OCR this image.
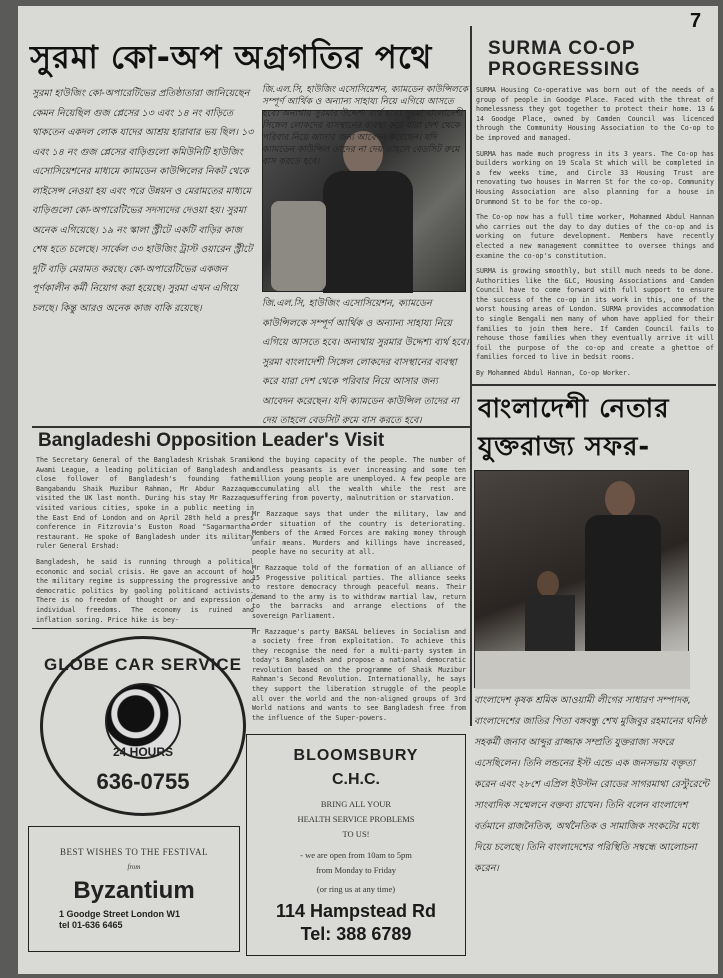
7
সুরমা কো-অপ অগ্রগতির পথে	SURMA CO-OP PROGRESSING
সুরমা হাউজিং কো-অপারেটিভের প্রতিষ্ঠাতারা জানিয়েছেন কেমন নিয়েছিল গুজ প্লেসের ১৩ এবং ১৪ নং বাড়িতে থাকতেন একদল লোক যাদের আশ্রয় হারাবার ভয় ছিল। ১৩ এবং ১৪ নং গুজ প্লেসের বাড়িগুলো কমিউনিটি হাউজিং এসোসিয়েশনের মাধ্যমে ক্যামডেন কাউন্সিলের নিকট থেকে লাইসেন্স নেওয়া হয় এবং পরে উন্নয়ন ও মেরামতের মাধ্যমে বাড়িগুলো কো-অপারেটিভের সদস্যদের দেওয়া হয়। সুরমা অনেক এগিয়েছে। ১৯ নং স্কালা স্ট্রীটে একটি বাড়ির কাজ শেষ হতে চলেছে। সার্কেল ৩৩ হাউজিং ট্রাস্ট ওয়ারেন স্ট্রীটে দুটি বাড়ি মেরামত করছে। কো-অপারেটিভের একজন পূর্ণকালীন কর্মী নিয়োগ করা হয়েছে। সুরমা এখন এগিয়ে চলছে। কিন্তু আরও অনেক কাজ বাকি রয়েছে।
জি.এল.সি, হাউজিং এসোসিয়েশন, ক্যামডেন কাউন্সিলকে সম্পূর্ণ আর্থিক ও অন্যান্য সাহায্য নিয়ে এগিয়ে আসতে হবে। অন্যথায় সুরমার উদ্দেশ্য ব্যর্থ হবে। সুরমা বাংলাদেশী সিঙ্গেল লোকদের বাসস্থানের ব্যবস্থা করে যারা দেশ থেকে পরিবার নিয়ে আসার জন্য আবেদন করেছেন। যদি ক্যামডেন কাউন্সিল তাদের না দেয় তাহলে বেডসিট রুমে বাস করতে হবে।
জি.এল.সি, হাউজিং এসোসিয়েশন, ক্যামডেন কাউন্সিলকে সম্পূর্ণ আর্থিক ও অন্যান্য সাহায্য নিয়ে এগিয়ে আসতে হবে। অন্যথায় সুরমার উদ্দেশ্য ব্যর্থ হবে। সুরমা বাংলাদেশী সিঙ্গেল লোকদের বাসস্থানের ব্যবস্থা করে যারা দেশ থেকে পরিবার নিয়ে আসার জন্য আবেদন করেছেন। যদি ক্যামডেন কাউন্সিল তাদের না দেয় তাহলে বেডসিট রুমে বাস করতে হবে।

SURMA Housing Co-operative was born out of the needs of a group of people in Goodge Place. Faced with the threat of homelessness they got together to protect their home. 13 & 14 Goodge Place, owned by Camden Council was licenced through the Community Housing Association to the Co-op to be improved and managed.

SURMA has made much progress in its 3 years. The Co-op has builders working on 19 Scala St which will be completed in a few weeks time, and Circle 33 Housing Trust are renovating two houses in Warren St for the co-op. Community Housing Association are also planning for a house in Drummond St to be for the co-op.

The Co-op now has a full time worker, Mohammed Abdul Hannan who carries out the day to day duties of the co-op and is working on future development. Members have recently elected a new management committee to oversee things and examine the co-op's constitution.

SURMA is growing smoothly, but still much needs to be done. Authorities like the GLC, Housing Associations and Camden Council have to come forward with full support to ensure the success of the co-op in its work in this, one of the worst housing areas of London. SURMA provides accommodation to single Bengali men many of whom have applied for their families to join them here. If Camden Council fails to rehouse those families when they eventually arrive it will foil the purpose of the co-op and create a ghettoe of families forced to live in bedsit rooms.

By Mohammed Abdul Hannan, Co-op Worker.

বাংলাদেশী নেতার
যুক্তরাজ্য সফর-
Bangladeshi Opposition Leader's Visit

The Secretary General of the Bangladesh Krishak Sramik Awami League, a leading politician of Bangladesh and close follower of Bangladesh's founding father Bangabandu Shaik Muzibur Rahman, Mr Abdur Razzaque visited the UK last month. During his stay Mr Razzaque visited various cities, spoke in a public meeting in the East End of London and on April 28th held a press conference in Fitzrovia's Euston Road "Sagarmartha" restaurant. He spoke of Bangladesh under its military ruler General Ershad:

Bangladesh, he said is running through a political economic and social crisis. He gave an account of how the military regime is suppressing the progressive and democratic politics by gaoling politicand activists. There is no freedom of thought or and expression or individual freedoms. The economy is ruined and inflation soring. Price hike is bey-

ond the buying capacity of the people. The number of landless peasants is ever increasing and some ten million young people are unemployed. A few people are accumulating all the wealth while the rest are suffering from poverty, malnutrition or starvation.

Mr Razzaque says that under the military, law and order situation of the country is deteriorating. Members of the Armed Forces are making money through unfair means. Murders and killings have increased, people have no security at all.

Mr Razzaque told of the formation of an alliance of 15 Progessive political parties. The alliance seeks to restore democracy through peaceful means. Their demand to the army is to withdraw martial law, return to the barracks and arrange elections of the sovereign Parliament.

Mr Razzaque's party BAKSAL believes in Socialism and a society free from exploitation. To achieve this they recognise the need for a multi-party system in today's Bangladesh and propose a national democratic revolution based on the programme of Shaik Muzibur Rahman's Second Revolution. Internationally, he says they support the liberation struggle of the people all over the world and the non-aligned groups of 3rd World nations and wants to see Bangladesh free from the influence of the Super-powers.

বাংলাদেশ কৃষক শ্রমিক আওয়ামী লীগের সাধারণ সম্পাদক, বাংলাদেশের জাতির পিতা বঙ্গবন্ধু শেখ মুজিবুর রহমানের ঘনিষ্ঠ সহকর্মী জনাব আব্দুর রাজ্জাক সম্প্রতি যুক্তরাজ্য সফরে এসেছিলেন। তিনি লন্ডনের ইস্ট এন্ডে এক জনসভায় বক্তৃতা করেন এবং ২৮শে এপ্রিল ইউস্টন রোডের সাগরমাথা রেস্টুরেন্টে সাংবাদিক সম্মেলনে বক্তব্য রাখেন। তিনি বলেন বাংলাদেশ বর্তমানে রাজনৈতিক, অর্থনৈতিক ও সামাজিক সংকটের মধ্যে দিয়ে চলেছে। তিনি বাংলাদেশের পরিস্থিতি সম্বন্ধে আলোচনা করেন।
GLOBE CAR SERVICE
24 HOURS
636-0755
BEST WISHES TO THE FESTIVAL
from
Byzantium
1 Goodge Street London W1
tel 01-636 6465
BLOOMSBURY
C.H.C.
BRING ALL YOUR
HEALTH SERVICE PROBLEMS
TO US!
- we are open from 10am to 5pm
from Monday to Friday
(or ring us at any time)
114 Hampstead Rd
Tel: 388 6789
